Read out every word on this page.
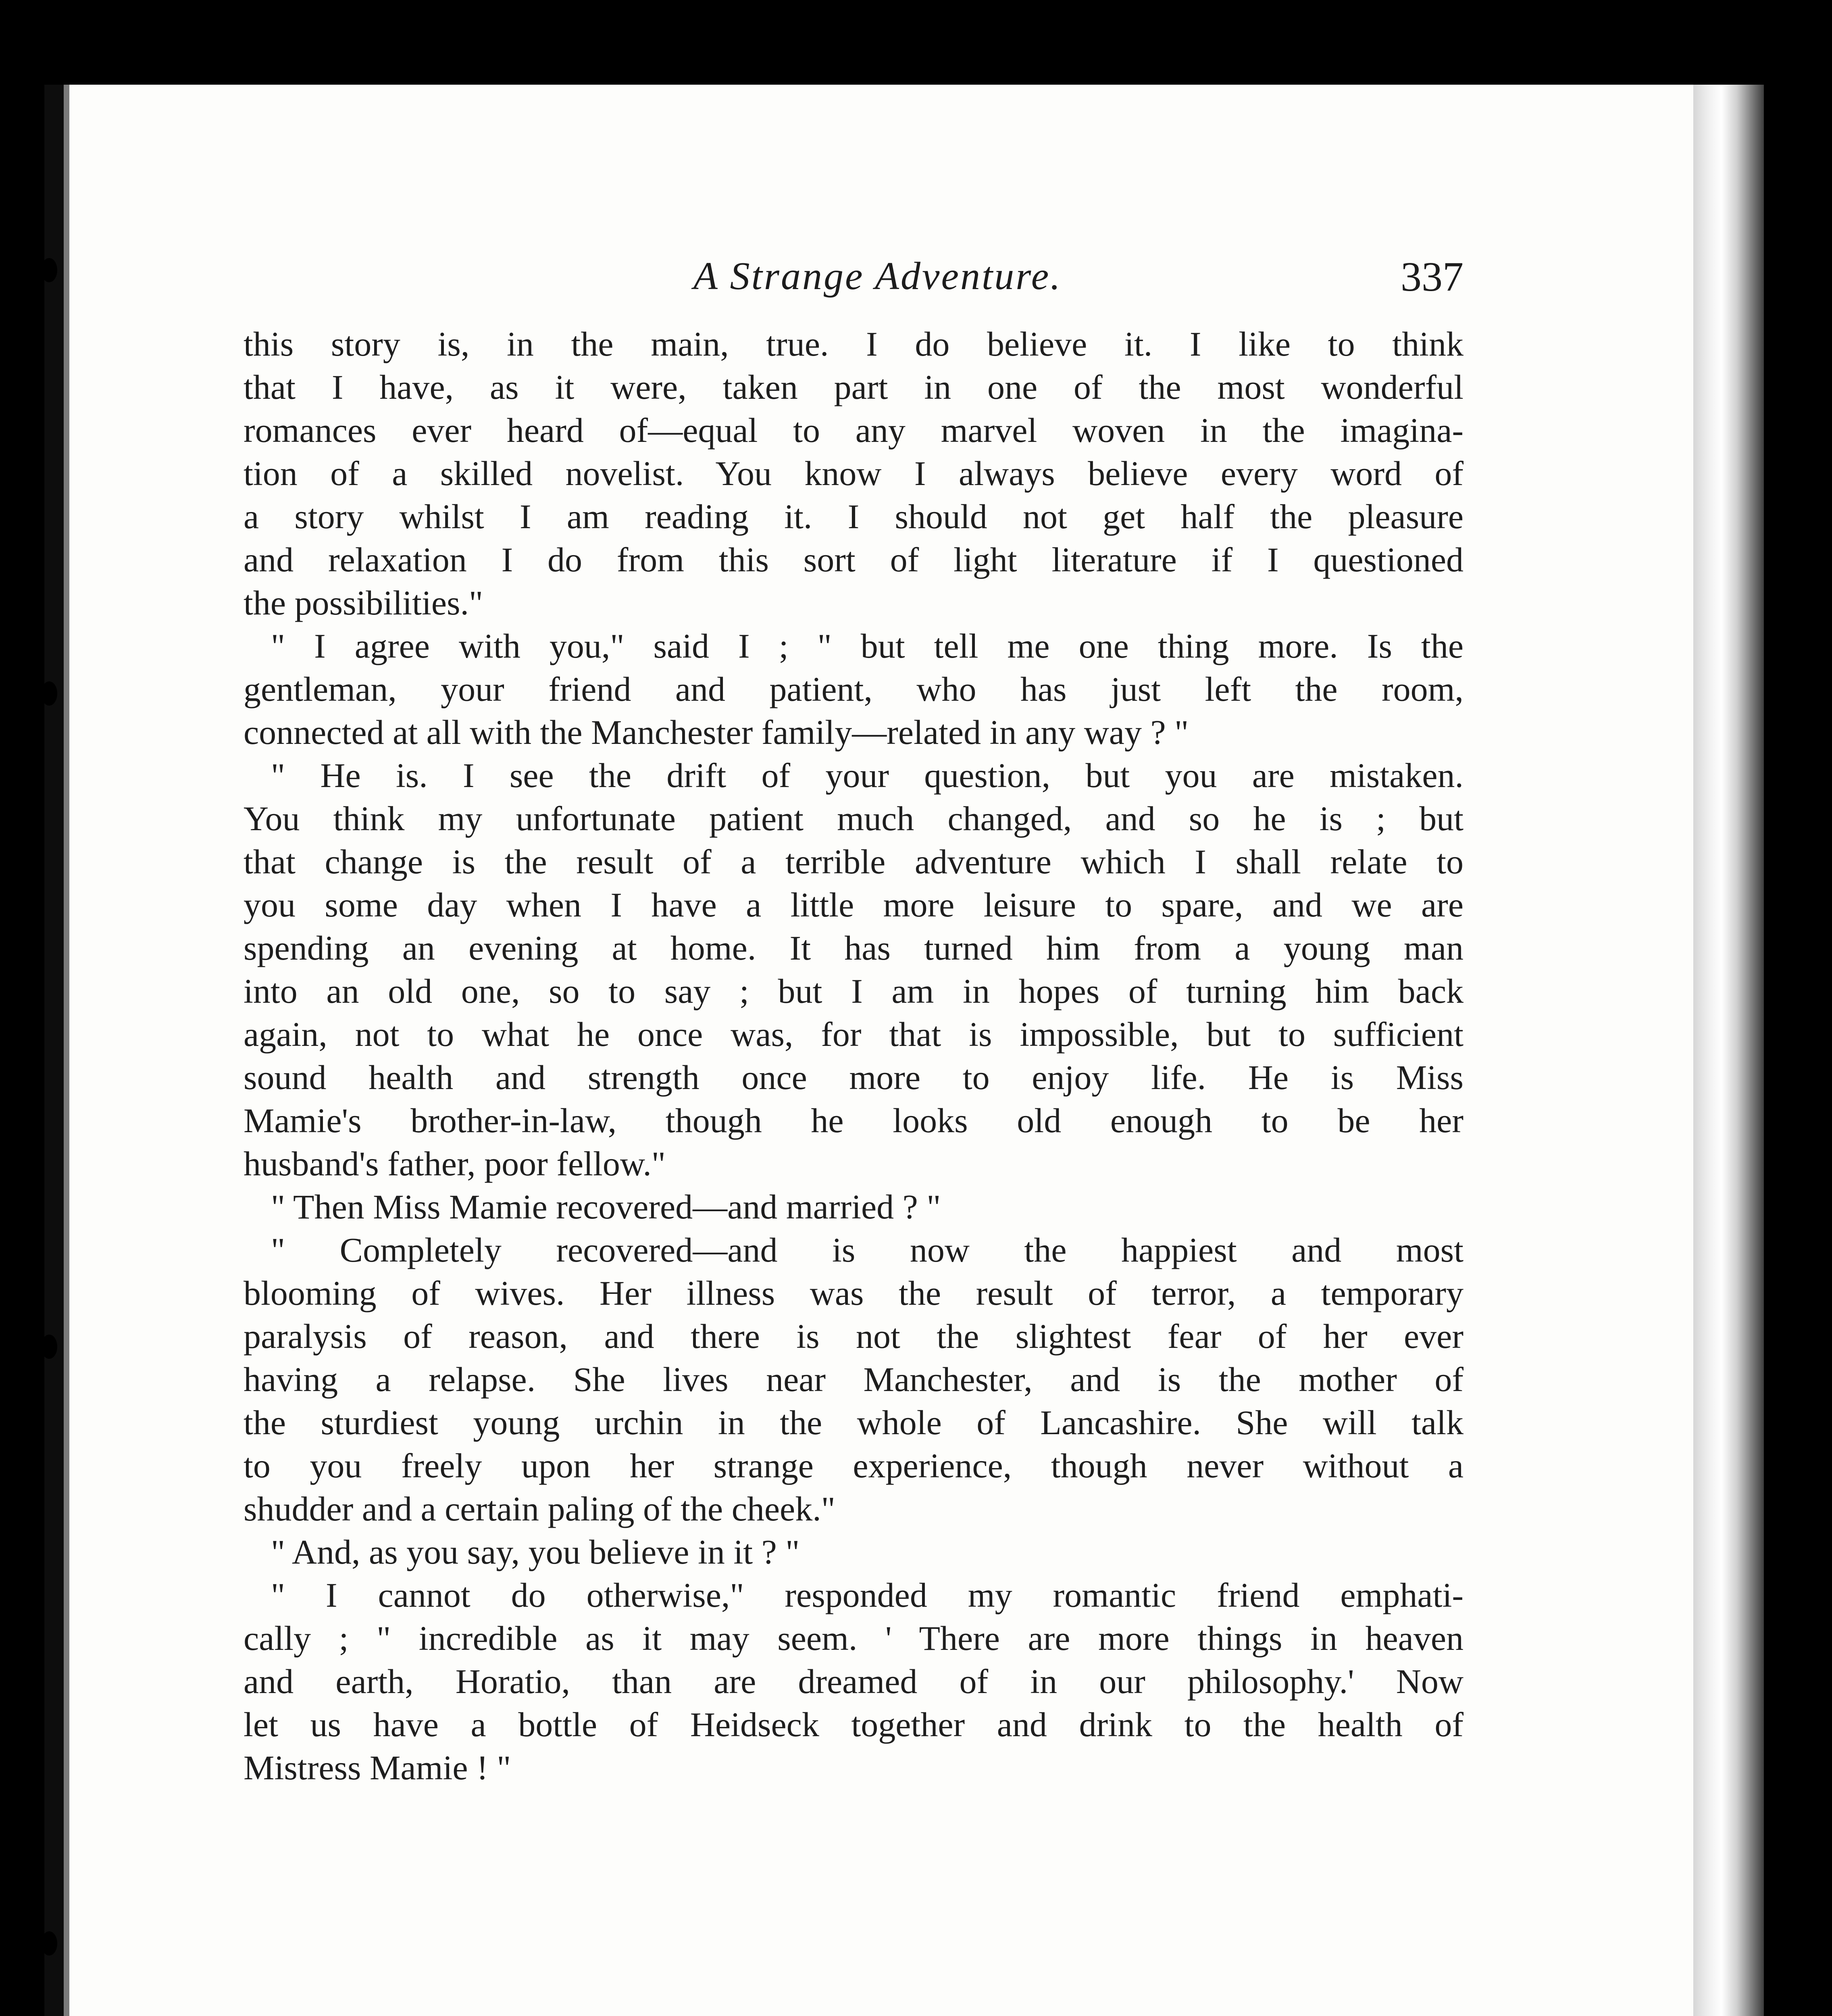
A Strange Adventure.	337
this story is, in the main, true. I do believe it. I like to think
that I have, as it were, taken part in one of the most wonderful
romances ever heard of—equal to any marvel woven in the imagina-
tion of a skilled novelist. You know I always believe every word of
a story whilst I am reading it. I should not get half the pleasure
and relaxation I do from this sort of light literature if I questioned
the possibilities."
" I agree with you," said I ; " but tell me one thing more. Is the
gentleman, your friend and patient, who has just left the room,
connected at all with the Manchester family—related in any way ? "
" He is. I see the drift of your question, but you are mistaken.
You think my unfortunate patient much changed, and so he is ; but
that change is the result of a terrible adventure which I shall relate to
you some day when I have a little more leisure to spare, and we are
spending an evening at home. It has turned him from a young man
into an old one, so to say ; but I am in hopes of turning him back
again, not to what he once was, for that is impossible, but to sufficient
sound health and strength once more to enjoy life. He is Miss
Mamie's brother-in-law, though he looks old enough to be her
husband's father, poor fellow."
" Then Miss Mamie recovered—and married ? "
" Completely recovered—and is now the happiest and most
blooming of wives. Her illness was the result of terror, a temporary
paralysis of reason, and there is not the slightest fear of her ever
having a relapse. She lives near Manchester, and is the mother of
the sturdiest young urchin in the whole of Lancashire. She will talk
to you freely upon her strange experience, though never without a
shudder and a certain paling of the cheek."
" And, as you say, you believe in it ? "
" I cannot do otherwise," responded my romantic friend emphati-
cally ; " incredible as it may seem. ' There are more things in heaven
and earth, Horatio, than are dreamed of in our philosophy.' Now
let us have a bottle of Heidseck together and drink to the health of
Mistress Mamie ! "
